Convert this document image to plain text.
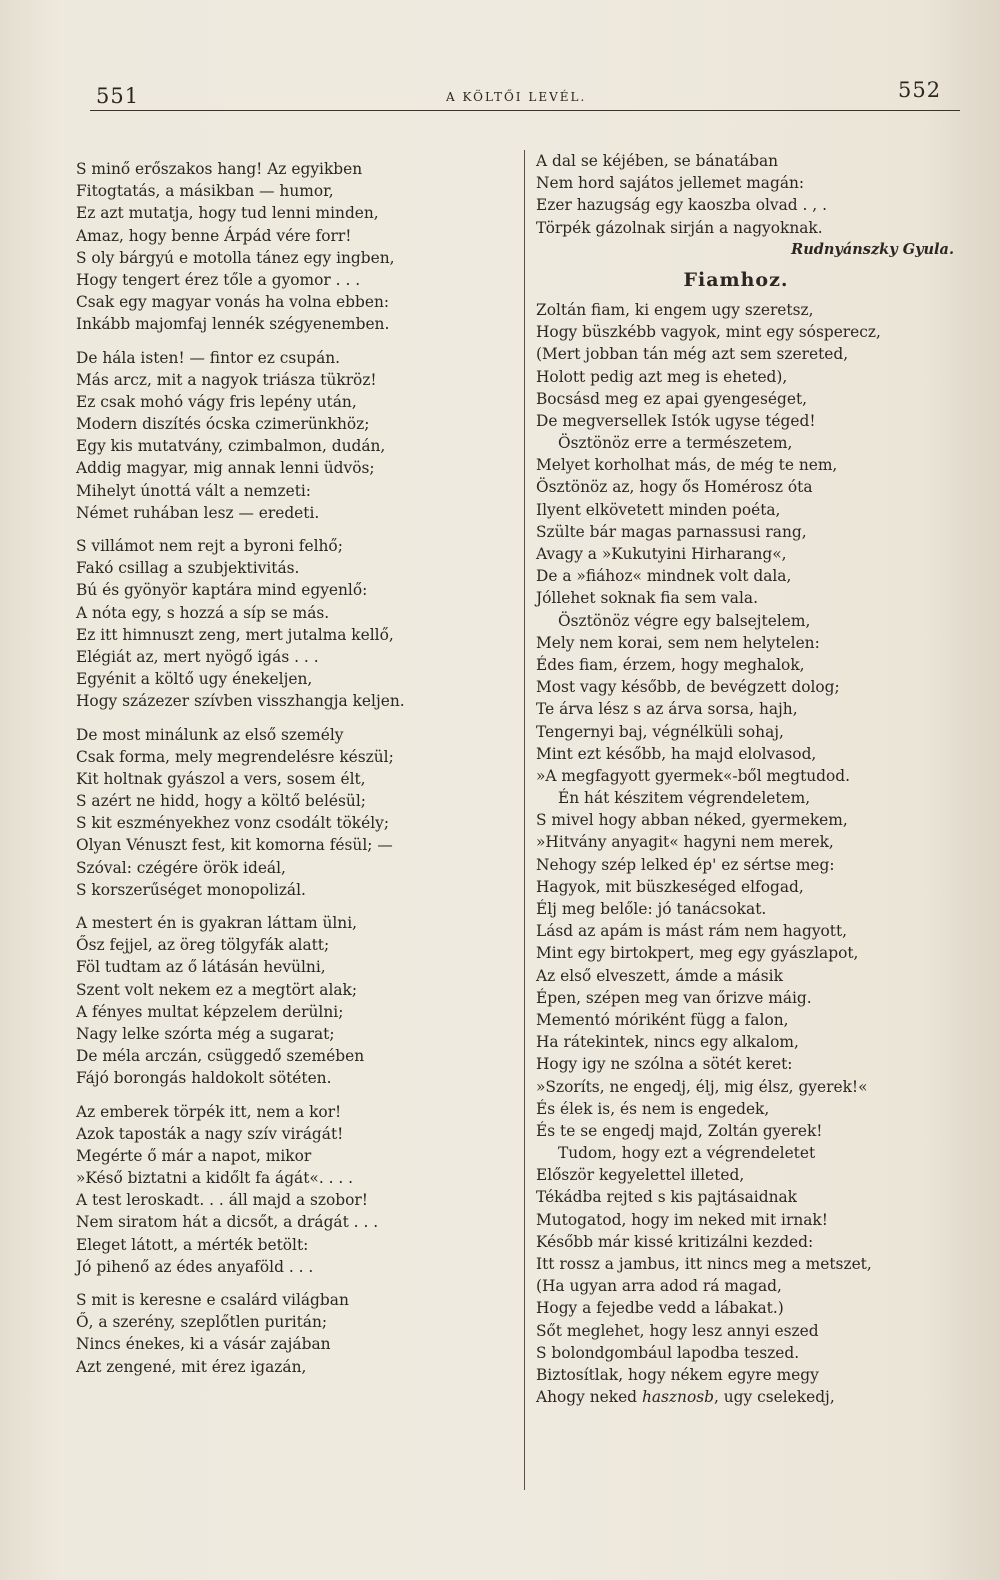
551	A KÖLTŐI LEVÉL.	552
S minő erőszakos hang! Az egyikben
Fitogtatás, a másikban — humor,
Ez azt mutatja, hogy tud lenni minden,
Amaz, hogy benne Árpád vére forr!
S oly bárgyú e motolla tánez egy ingben,
Hogy tengert érez tőle a gyomor . . .
Csak egy magyar vonás ha volna ebben:
Inkább majomfaj lennék szégyenemben.
De hála isten! — fintor ez csupán.
Más arcz, mit a nagyok triásza tükröz!
Ez csak mohó vágy fris lepény után,
Modern diszítés ócska czimerünkhöz;
Egy kis mutatvány, czimbalmon, dudán,
Addig magyar, mig annak lenni üdvös;
Mihelyt únottá vált a nemzeti:
Német ruhában lesz — eredeti.
S villámot nem rejt a byroni felhő;
Fakó csillag a szubjektivitás.
Bú és gyönyör kaptára mind egyenlő:
A nóta egy, s hozzá a síp se más.
Ez itt himnuszt zeng, mert jutalma kellő,
Elégiát az, mert nyögő igás . . .
Egyénit a költő ugy énekeljen,
Hogy százezer szívben visszhangja keljen.
De most minálunk az első személy
Csak forma, mely megrendelésre készül;
Kit holtnak gyászol a vers, sosem élt,
S azért ne hidd, hogy a költő belésül;
S kit eszményekhez vonz csodált tökély;
Olyan Vénuszt fest, kit komorna fésül; —
Szóval: czégére örök ideál,
S korszerűséget monopolizál.
A mestert én is gyakran láttam ülni,
Ősz fejjel, az öreg tölgyfák alatt;
Föl tudtam az ő látásán hevülni,
Szent volt nekem ez a megtört alak;
A fényes multat képzelem derülni;
Nagy lelke szórta még a sugarat;
De méla arczán, csüggedő szemében
Fájó borongás haldokolt sötéten.
Az emberek törpék itt, nem a kor!
Azok taposták a nagy szív virágát!
Megérte ő már a napot, mikor
»Késő biztatni a kidőlt fa ágát«. . . .
A test leroskadt. . . áll majd a szobor!
Nem siratom hát a dicsőt, a drágát . . .
Eleget látott, a mérték betölt:
Jó pihenő az édes anyaföld . . .
S mit is keresne e csalárd világban
Ő, a szerény, szeplőtlen puritán;
Nincs énekes, ki a vásár zajában
Azt zengené, mit érez igazán,
A dal se kéjében, se bánatában
Nem hord sajátos jellemet magán:
Ezer hazugság egy kaoszba olvad . , .
Törpék gázolnak sirján a nagyoknak.
Rudnyánszky Gyula.
Fiamhoz.
Zoltán fiam, ki engem ugy szeretsz,
Hogy büszkébb vagyok, mint egy sósperecz,
(Mert jobban tán még azt sem szereted,
Holott pedig azt meg is eheted),
Bocsásd meg ez apai gyengeséget,
De megversellek Istók ugyse téged!
Ösztönöz erre a természetem,
Melyet korholhat más, de még te nem,
Ösztönöz az, hogy ős Homérosz óta
Ilyent elkövetett minden poéta,
Szülte bár magas parnassusi rang,
Avagy a »Kukutyini Hirharang«,
De a »fiához« mindnek volt dala,
Jóllehet soknak fia sem vala.
Ösztönöz végre egy balsejtelem,
Mely nem korai, sem nem helytelen:
Édes fiam, érzem, hogy meghalok,
Most vagy később, de bevégzett dolog;
Te árva lész s az árva sorsa, hajh,
Tengernyi baj, végnélküli sohaj,
Mint ezt később, ha majd elolvasod,
»A megfagyott gyermek«-ből megtudod.
Én hát készitem végrendeletem,
S mivel hogy abban néked, gyermekem,
»Hitvány anyagit« hagyni nem merek,
Nehogy szép lelked ép' ez sértse meg:
Hagyok, mit büszkeséged elfogad,
Élj meg belőle: jó tanácsokat.
Lásd az apám is mást rám nem hagyott,
Mint egy birtokpert, meg egy gyászlapot,
Az első elveszett, ámde a másik
Épen, szépen meg van őrizve máig.
Mementó móriként függ a falon,
Ha rátekintek, nincs egy alkalom,
Hogy igy ne szólna a sötét keret:
»Szoríts, ne engedj, élj, mig élsz, gyerek!«
És élek is, és nem is engedek,
És te se engedj majd, Zoltán gyerek!
Tudom, hogy ezt a végrendeletet
Először kegyelettel illeted,
Tékádba rejted s kis pajtásaidnak
Mutogatod, hogy im neked mit irnak!
Később már kissé kritizálni kezded:
Itt rossz a jambus, itt nincs meg a metszet,
(Ha ugyan arra adod rá magad,
Hogy a fejedbe vedd a lábakat.)
Sőt meglehet, hogy lesz annyi eszed
S bolondgombául lapodba teszed.
Biztosítlak, hogy nékem egyre megy
Ahogy neked hasznosb, ugy cselekedj,
